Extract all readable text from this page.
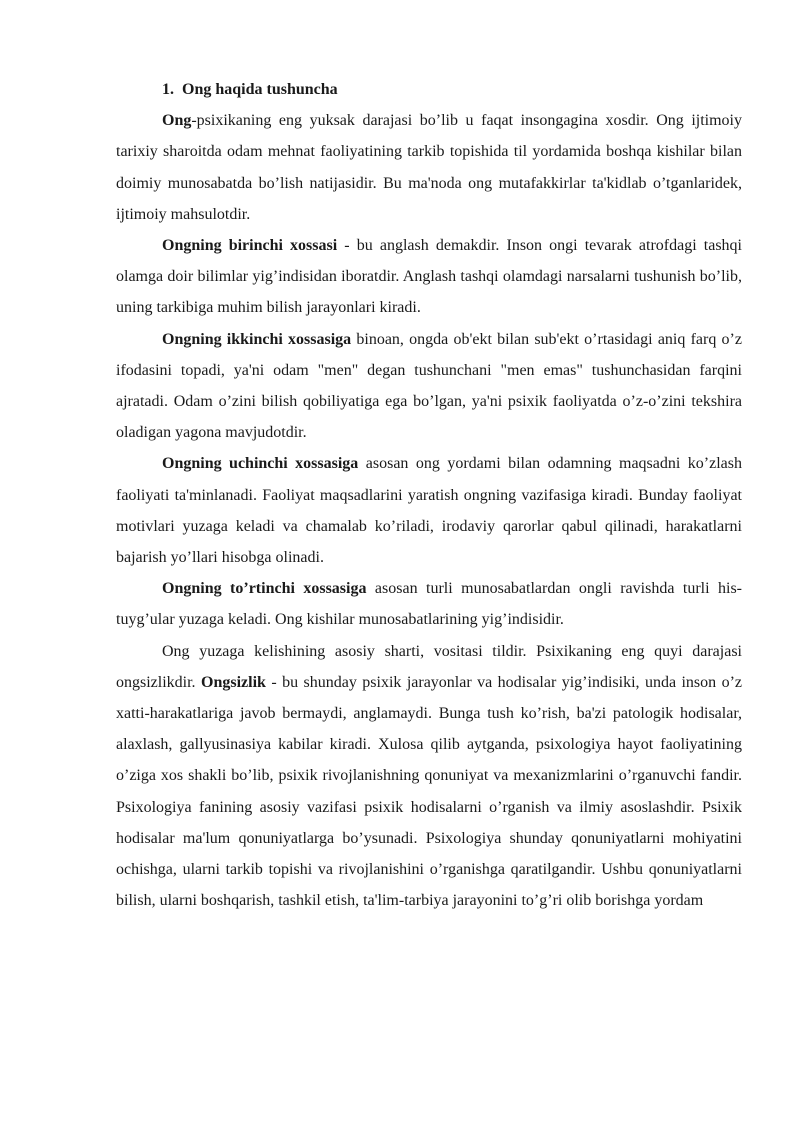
1. Ong haqida tushuncha

Ong-psixikaning eng yuksak darajasi bo’lib u faqat insongagina xosdir. Ong ijtimoiy tarixiy sharoitda odam mehnat faoliyatining tarkib topishida til yordamida boshqa kishilar bilan doimiy munosabatda bo’lish natijasidir. Bu ma'noda ong mutafakkirlar ta'kidlab o’tganlaridek, ijtimoiy mahsulotdir.

Ongning birinchi xossasi - bu anglash demakdir. Inson ongi tevarak atrofdagi tashqi olamga doir bilimlar yig’indisidan iboratdir. Anglash tashqi olamdagi narsalarni tushunish bo’lib, uning tarkibiga muhim bilish jarayonlari kiradi.

Ongning ikkinchi xossasiga binoan, ongda ob'ekt bilan sub'ekt o’rtasidagi aniq farq o’z ifodasini topadi, ya'ni odam "men" degan tushunchani "men emas" tushunchasidan farqini ajratadi. Odam o’zini bilish qobiliyatiga ega bo’lgan, ya'ni psixik faoliyatda o’z-o’zini tekshira oladigan yagona mavjudotdir.

Ongning uchinchi xossasiga asosan ong yordami bilan odamning maqsadni ko’zlash faoliyati ta'minlanadi. Faoliyat maqsadlarini yaratish ongning vazifasiga kiradi. Bunday faoliyat motivlari yuzaga keladi va chamalab ko’riladi, irodaviy qarorlar qabul qilinadi, harakatlarni bajarish yo’llari hisobga olinadi.

Ongning to’rtinchi xossasiga asosan turli munosabatlardan ongli ravishda turli his-tuyg’ular yuzaga keladi. Ong kishilar munosabatlarining yig’indisidir.

Ong yuzaga kelishining asosiy sharti, vositasi tildir. Psixikaning eng quyi darajasi ongsizlikdir. Ongsizlik - bu shunday psixik jarayonlar va hodisalar yig’indisiki, unda inson o’z xatti-harakatlariga javob bermaydi, anglamaydi. Bunga tush ko’rish, ba'zi patologik hodisalar, alaxlash, gallyusinasiya kabilar kiradi. Xulosa qilib aytganda, psixologiya hayot faoliyatining o’ziga xos shakli bo’lib, psixik rivojlanishning qonuniyat va mexanizmlarini o’rganuvchi fandir. Psixologiya fanining asosiy vazifasi psixik hodisalarni o’rganish va ilmiy asoslashdir. Psixik hodisalar ma'lum qonuniyatlarga bo’ysunadi. Psixologiya shunday qonuniyatlarni mohiyatini ochishga, ularni tarkib topishi va rivojlanishini o’rganishga qaratilgandir. Ushbu qonuniyatlarni bilish, ularni boshqarish, tashkil etish, ta'lim-tarbiya jarayonini to’g’ri olib borishga yordam
